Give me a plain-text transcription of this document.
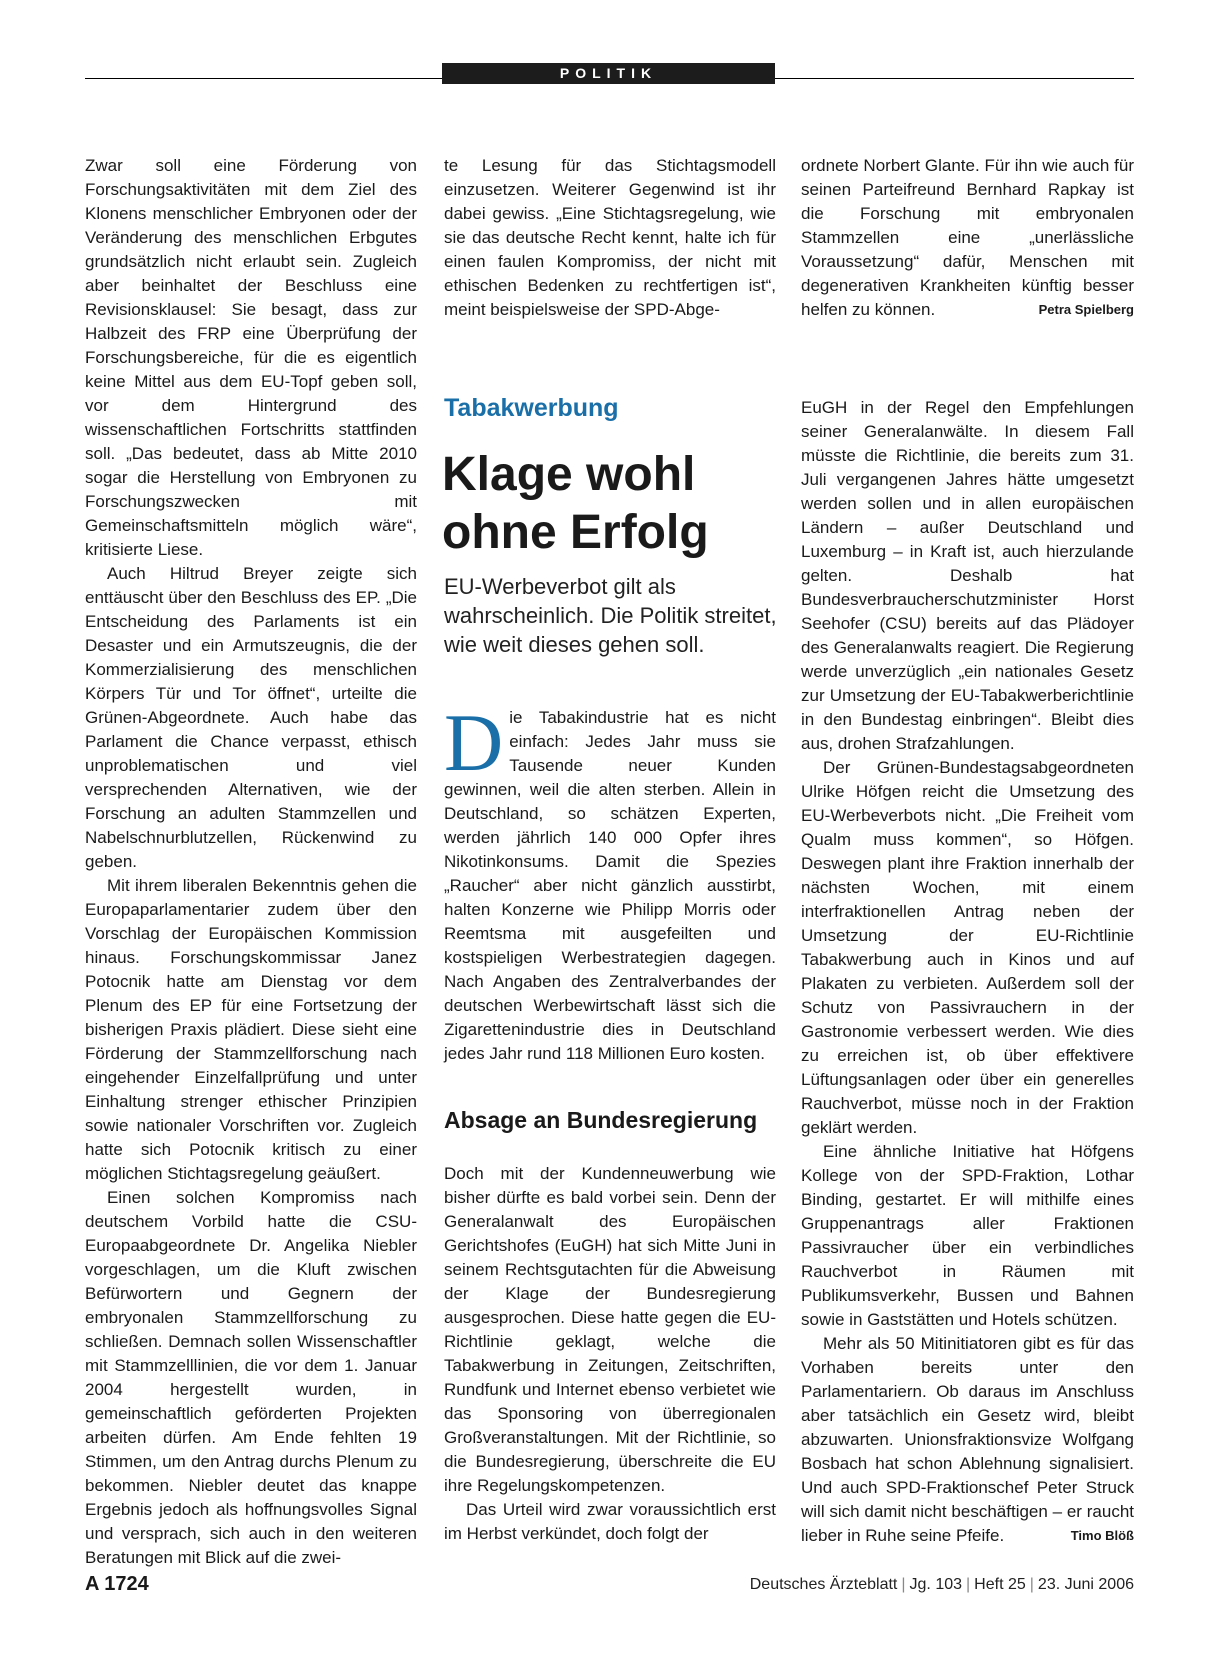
POLITIK

Zwar soll eine Förderung von Forschungsaktivitäten mit dem Ziel des Klonens menschlicher Embryonen oder der Veränderung des menschlichen Erbgutes grundsätzlich nicht erlaubt sein. Zugleich aber beinhaltet der Beschluss eine Revisionsklausel: Sie besagt, dass zur Halbzeit des FRP eine Überprüfung der Forschungsbereiche, für die es eigentlich keine Mittel aus dem EU-Topf geben soll, vor dem Hintergrund des wissenschaftlichen Fortschritts stattfinden soll. „Das bedeutet, dass ab Mitte 2010 sogar die Herstellung von Embryonen zu Forschungszwecken mit Gemeinschaftsmitteln möglich wäre“, kritisierte Liese.

Auch Hiltrud Breyer zeigte sich enttäuscht über den Beschluss des EP. „Die Entscheidung des Parlaments ist ein Desaster und ein Armutszeugnis, die der Kommerzialisierung des menschlichen Körpers Tür und Tor öffnet“, urteilte die Grünen-Abgeordnete. Auch habe das Parlament die Chance verpasst, ethisch unproblematischen und viel versprechenden Alternativen, wie der Forschung an adulten Stammzellen und Nabelschnurblutzellen, Rückenwind zu geben.

Mit ihrem liberalen Bekenntnis gehen die Europaparlamentarier zudem über den Vorschlag der Europäischen Kommission hinaus. Forschungskommissar Janez Potocnik hatte am Dienstag vor dem Plenum des EP für eine Fortsetzung der bisherigen Praxis plädiert. Diese sieht eine Förderung der Stammzellforschung nach eingehender Einzelfallprüfung und unter Einhaltung strenger ethischer Prinzipien sowie nationaler Vorschriften vor. Zugleich hatte sich Potocnik kritisch zu einer möglichen Stichtagsregelung geäußert.

Einen solchen Kompromiss nach deutschem Vorbild hatte die CSU-Europaabgeordnete Dr. Angelika Niebler vorgeschlagen, um die Kluft zwischen Befürwortern und Gegnern der embryonalen Stammzellforschung zu schließen. Demnach sollen Wissenschaftler mit Stammzelllinien, die vor dem 1. Januar 2004 hergestellt wurden, in gemeinschaftlich geförderten Projekten arbeiten dürfen. Am Ende fehlten 19 Stimmen, um den Antrag durchs Plenum zu bekommen. Niebler deutet das knappe Ergebnis jedoch als hoffnungsvolles Signal und versprach, sich auch in den weiteren Beratungen mit Blick auf die zwei-

te Lesung für das Stichtagsmodell einzusetzen. Weiterer Gegenwind ist ihr dabei gewiss. „Eine Stichtagsregelung, wie sie das deutsche Recht kennt, halte ich für einen faulen Kompromiss, der nicht mit ethischen Bedenken zu rechtfertigen ist“, meint beispielsweise der SPD-Abge-

ordnete Norbert Glante. Für ihn wie auch für seinen Parteifreund Bernhard Rapkay ist die Forschung mit embryonalen Stammzellen eine „unerlässliche Voraussetzung“ dafür, Menschen mit degenerativen Krankheiten künftig besser helfen zu können.	Petra Spielberg

Tabakwerbung
Klage wohl ohne Erfolg
EU-Werbeverbot gilt als wahrscheinlich. Die Politik streitet, wie weit dieses gehen soll.

Die Tabakindustrie hat es nicht einfach: Jedes Jahr muss sie Tausende neuer Kunden gewinnen, weil die alten sterben. Allein in Deutschland, so schätzen Experten, werden jährlich 140 000 Opfer ihres Nikotinkonsums. Damit die Spezies „Raucher“ aber nicht gänzlich ausstirbt, halten Konzerne wie Philipp Morris oder Reemtsma mit ausgefeilten und kostspieligen Werbestrategien dagegen. Nach Angaben des Zentralverbandes der deutschen Werbewirtschaft lässt sich die Zigarettenindustrie dies in Deutschland jedes Jahr rund 118 Millionen Euro kosten.

Absage an Bundesregierung

Doch mit der Kundenneuwerbung wie bisher dürfte es bald vorbei sein. Denn der Generalanwalt des Europäischen Gerichtshofes (EuGH) hat sich Mitte Juni in seinem Rechtsgutachten für die Abweisung der Klage der Bundesregierung ausgesprochen. Diese hatte gegen die EU-Richtlinie geklagt, welche die Tabakwerbung in Zeitungen, Zeitschriften, Rundfunk und Internet ebenso verbietet wie das Sponsoring von überregionalen Großveranstaltungen. Mit der Richtlinie, so die Bundesregierung, überschreite die EU ihre Regelungskompetenzen.

Das Urteil wird zwar voraussichtlich erst im Herbst verkündet, doch folgt der

EuGH in der Regel den Empfehlungen seiner Generalanwälte. In diesem Fall müsste die Richtlinie, die bereits zum 31. Juli vergangenen Jahres hätte umgesetzt werden sollen und in allen europäischen Ländern – außer Deutschland und Luxemburg – in Kraft ist, auch hierzulande gelten. Deshalb hat Bundesverbraucherschutzminister Horst Seehofer (CSU) bereits auf das Plädoyer des Generalanwalts reagiert. Die Regierung werde unverzüglich „ein nationales Gesetz zur Umsetzung der EU-Tabakwerberichtlinie in den Bundestag einbringen“. Bleibt dies aus, drohen Strafzahlungen.

Der Grünen-Bundestagsabgeordneten Ulrike Höfgen reicht die Umsetzung des EU-Werbeverbots nicht. „Die Freiheit vom Qualm muss kommen“, so Höfgen. Deswegen plant ihre Fraktion innerhalb der nächsten Wochen, mit einem interfraktionellen Antrag neben der Umsetzung der EU-Richtlinie Tabakwerbung auch in Kinos und auf Plakaten zu verbieten. Außerdem soll der Schutz von Passivrauchern in der Gastronomie verbessert werden. Wie dies zu erreichen ist, ob über effektivere Lüftungsanlagen oder über ein generelles Rauchverbot, müsse noch in der Fraktion geklärt werden.

Eine ähnliche Initiative hat Höfgens Kollege von der SPD-Fraktion, Lothar Binding, gestartet. Er will mithilfe eines Gruppenantrags aller Fraktionen Passivraucher über ein verbindliches Rauchverbot in Räumen mit Publikumsverkehr, Bussen und Bahnen sowie in Gaststätten und Hotels schützen.

Mehr als 50 Mitinitiatoren gibt es für das Vorhaben bereits unter den Parlamentariern. Ob daraus im Anschluss aber tatsächlich ein Gesetz wird, bleibt abzuwarten. Unionsfraktionsvize Wolfgang Bosbach hat schon Ablehnung signalisiert. Und auch SPD-Fraktionschef Peter Struck will sich damit nicht beschäftigen – er raucht lieber in Ruhe seine Pfeife.	Timo Blöß

A 1724	Deutsches Ärzteblatt | Jg. 103 | Heft 25 | 23. Juni 2006
